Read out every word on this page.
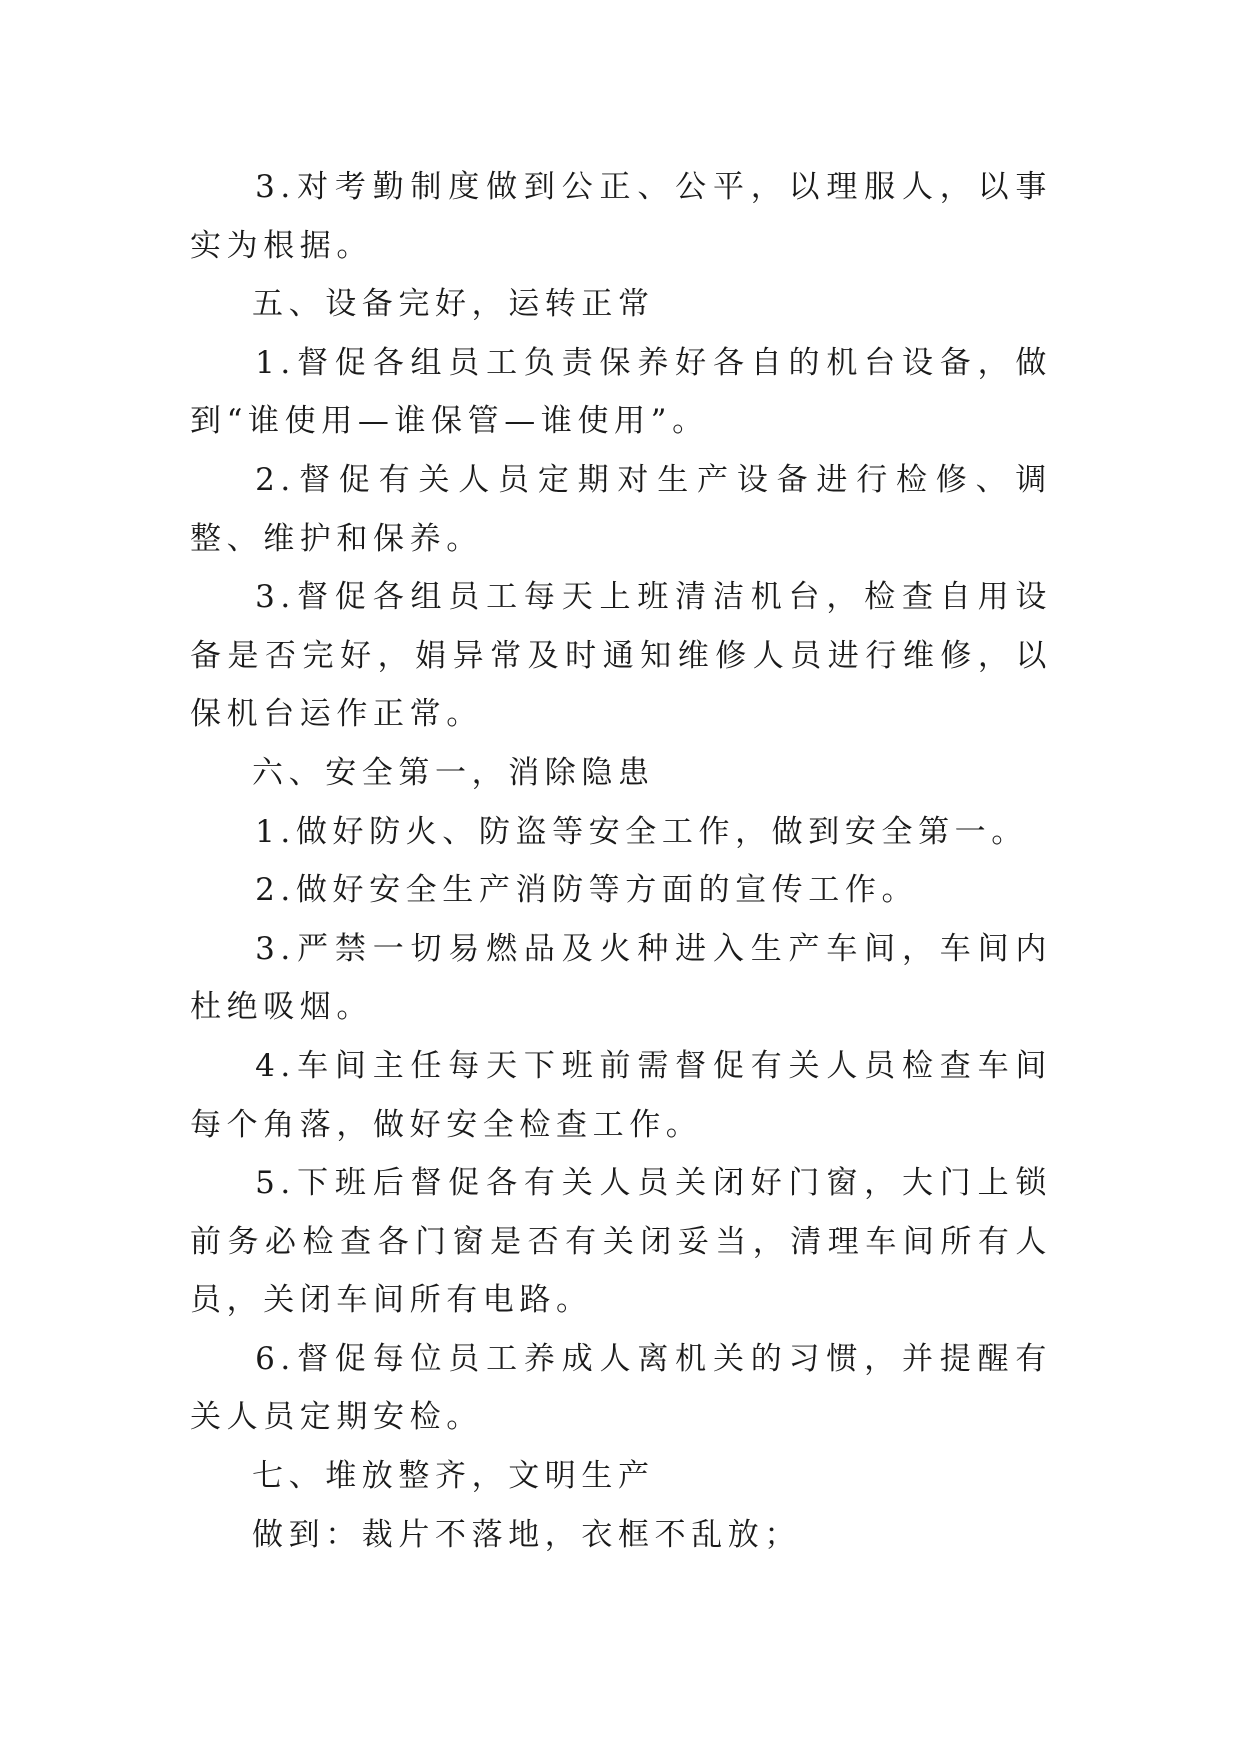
3.对考勤制度做到公正、公平，以理服人，以事实为根据。

五、设备完好，运转正常

1.督促各组员工负责保养好各自的机台设备，做到“谁使用—谁保管—谁使用”。

2.督促有关人员定期对生产设备进行检修、调整、维护和保养。

3.督促各组员工每天上班清洁机台，检查自用设备是否完好，娟异常及时通知维修人员进行维修，以保机台运作正常。

六、安全第一，消除隐患

1.做好防火、防盗等安全工作，做到安全第一。

2.做好安全生产消防等方面的宣传工作。

3.严禁一切易燃品及火种进入生产车间，车间内杜绝吸烟。

4.车间主任每天下班前需督促有关人员检查车间每个角落，做好安全检查工作。

5.下班后督促各有关人员关闭好门窗，大门上锁前务必检查各门窗是否有关闭妥当，清理车间所有人员，关闭车间所有电路。

6.督促每位员工养成人离机关的习惯，并提醒有关人员定期安检。

七、堆放整齐，文明生产

做到：裁片不落地，衣框不乱放；
